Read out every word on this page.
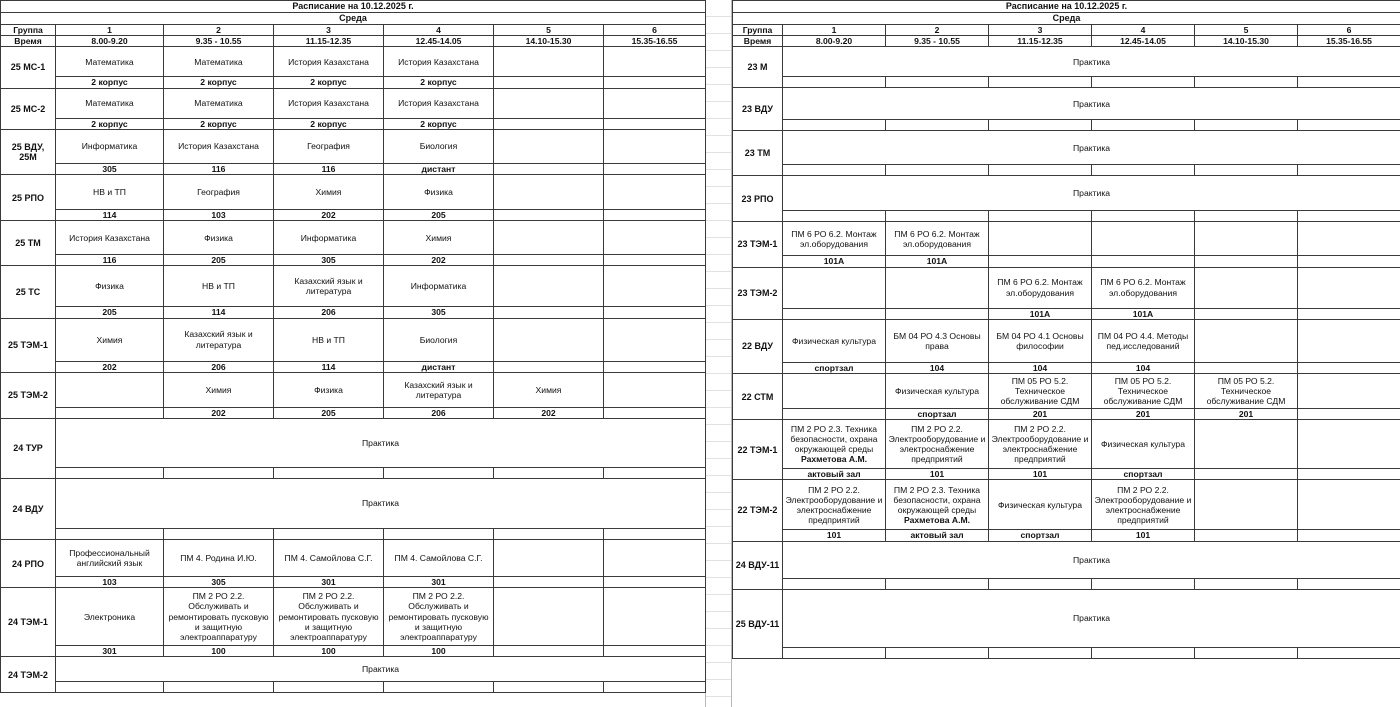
Расписание на 10.12.2025 г.						
Среда						
Группа	1	2	3	4	5	6
Время	8.00-9.20	9.35 - 10.55	11.15-12.35	12.45-14.05	14.10-15.30	15.35-16.55
25 МС-1	Математика	Математика	История Казахстана	История Казахстана		

	2 корпус	2 корпус	2 корпус	2 корпус		
25 МС-2	Математика	Математика	История Казахстана	История Казахстана		

	2 корпус	2 корпус	2 корпус	2 корпус		
25 ВДУ, 25М	Информатика	История Казахстана	География	Биология		

	305	116	116	дистант		
25 РПО	НВ и ТП	География	Химия	Физика		

	114	103	202	205		
25 ТМ	История Казахстана	Физика	Информатика	Химия		

	116	205	305	202		
25 ТС	Физика	НВ и ТП	Казахский язык и литература	Информатика		

	205	114	206	305		
25 ТЭМ-1	Химия	Казахский язык и литература	НВ и ТП	Биология		

	202	206	114	дистант		
25 ТЭМ-2		Химия	Физика	Казахский язык и литература	Химия	

		202	205	206	202	
24 ТУР	Практика					

24 ВДУ	Практика					

24 РПО	Профессиональный английский язык	ПМ 4. Родина И.Ю.	ПМ 4. Самойлова С.Г.	ПМ 4. Самойлова С.Г.		

	103	305	301	301		
24 ТЭМ-1	Электроника	ПМ 2 РО 2.2. Обслуживать и ремонтировать пусковую и защитную электроаппаратуру	ПМ 2 РО 2.2. Обслуживать и ремонтировать пусковую и защитную электроаппаратуру	ПМ 2 РО 2.2. Обслуживать и ремонтировать пусковую и защитную электроаппаратуру		

	301	100	100	100		
24 ТЭМ-2	Практика					

Расписание на 10.12.2025 г.						
Среда						
Группа	1	2	3	4	5	6
Время	8.00-9.20	9.35 - 10.55	11.15-12.35	12.45-14.05	14.10-15.30	15.35-16.55
23 М	Практика					

23 ВДУ	Практика					

23 ТМ	Практика					

23 РПО	Практика					

23 ТЭМ-1	ПМ 6 РО 6.2. Монтаж эл.оборудования	ПМ 6 РО 6.2. Монтаж эл.оборудования				

	101А	101А				
23 ТЭМ-2			ПМ 6 РО 6.2. Монтаж эл.оборудования	ПМ 6 РО 6.2. Монтаж эл.оборудования		

			101А	101А		
22 ВДУ	Физическая культура	БМ 04 РО 4.3 Основы права	БМ 04 РО 4.1 Основы философии	ПМ 04 РО 4.4. Методы пед.исследований		

	спортзал	104	104	104		
22 СТМ		Физическая культура	ПМ 05 РО 5.2. Техническое обслуживание СДМ	ПМ 05 РО 5.2. Техническое обслуживание СДМ	ПМ 05 РО 5.2. Техническое обслуживание СДМ	

		спортзал	201	201	201	
22 ТЭМ-1	ПМ 2 РО 2.3. Техника безопасности, охрана окружающей среды
Рахметова А.М.	ПМ 2 РО 2.2. Электрооборудование и электроснабжение предприятий	ПМ 2 РО 2.2. Электрооборудование и электроснабжение предприятий	Физическая культура		

	актовый зал	101	101	спортзал		
22 ТЭМ-2	ПМ 2 РО 2.2. Электрооборудование и электроснабжение предприятий	ПМ 2 РО 2.3. Техника безопасности, охрана окружающей среды
Рахметова А.М.	Физическая культура	ПМ 2 РО 2.2. Электрооборудование и электроснабжение предприятий		

	101	актовый зал	спортзал	101		
24 ВДУ-11	Практика					

25 ВДУ-11	Практика					
